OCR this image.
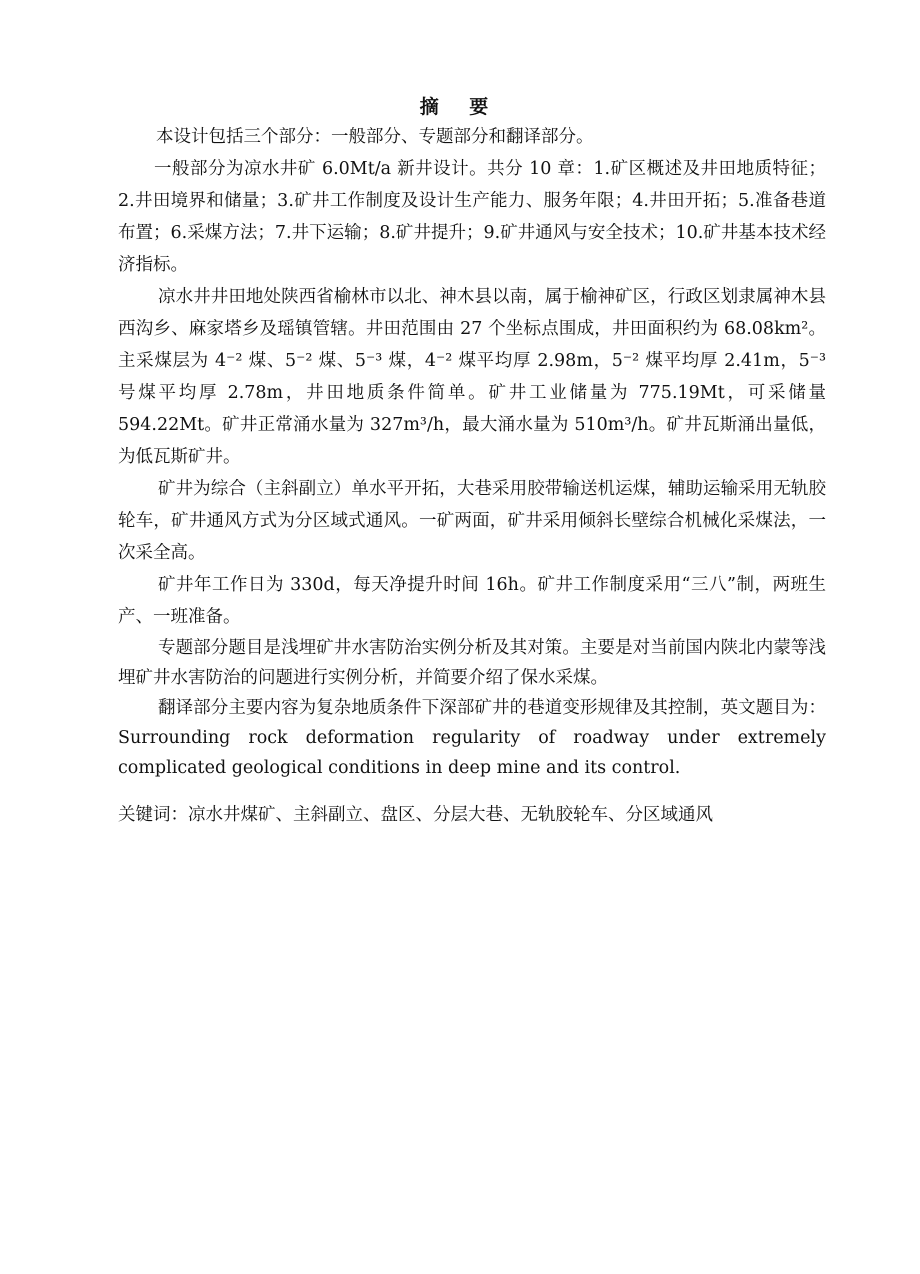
摘 要

本设计包括三个部分：一般部分、专题部分和翻译部分。

一般部分为凉水井矿 6.0Mt/a 新井设计。共分 10 章：1.矿区概述及井田地质特征；2.井田境界和储量；3.矿井工作制度及设计生产能力、服务年限；4.井田开拓；5.准备巷道布置；6.采煤方法；7.井下运输；8.矿井提升；9.矿井通风与安全技术；10.矿井基本技术经济指标。

凉水井井田地处陕西省榆林市以北、神木县以南，属于榆神矿区，行政区划隶属神木县西沟乡、麻家塔乡及瑶镇管辖。井田范围由 27 个坐标点围成，井田面积约为 68.08km²。主采煤层为 4⁻² 煤、5⁻² 煤、5⁻³ 煤，4⁻² 煤平均厚 2.98m，5⁻² 煤平均厚 2.41m，5⁻³ 号煤平均厚 2.78m，井田地质条件简单。矿井工业储量为 775.19Mt，可采储量 594.22Mt。矿井正常涌水量为 327m³/h，最大涌水量为 510m³/h。矿井瓦斯涌出量低，为低瓦斯矿井。

矿井为综合（主斜副立）单水平开拓，大巷采用胶带输送机运煤，辅助运输采用无轨胶轮车，矿井通风方式为分区域式通风。一矿两面，矿井采用倾斜长壁综合机械化采煤法，一次采全高。

矿井年工作日为 330d，每天净提升时间 16h。矿井工作制度采用“三八”制，两班生产、一班准备。

专题部分题目是浅埋矿井水害防治实例分析及其对策。主要是对当前国内陕北内蒙等浅埋矿井水害防治的问题进行实例分析，并简要介绍了保水采煤。

翻译部分主要内容为复杂地质条件下深部矿井的巷道变形规律及其控制，英文题目为：Surrounding rock deformation regularity of roadway under extremely complicated geological conditions in deep mine and its control.

关键词：凉水井煤矿、主斜副立、盘区、分层大巷、无轨胶轮车、分区域通风
